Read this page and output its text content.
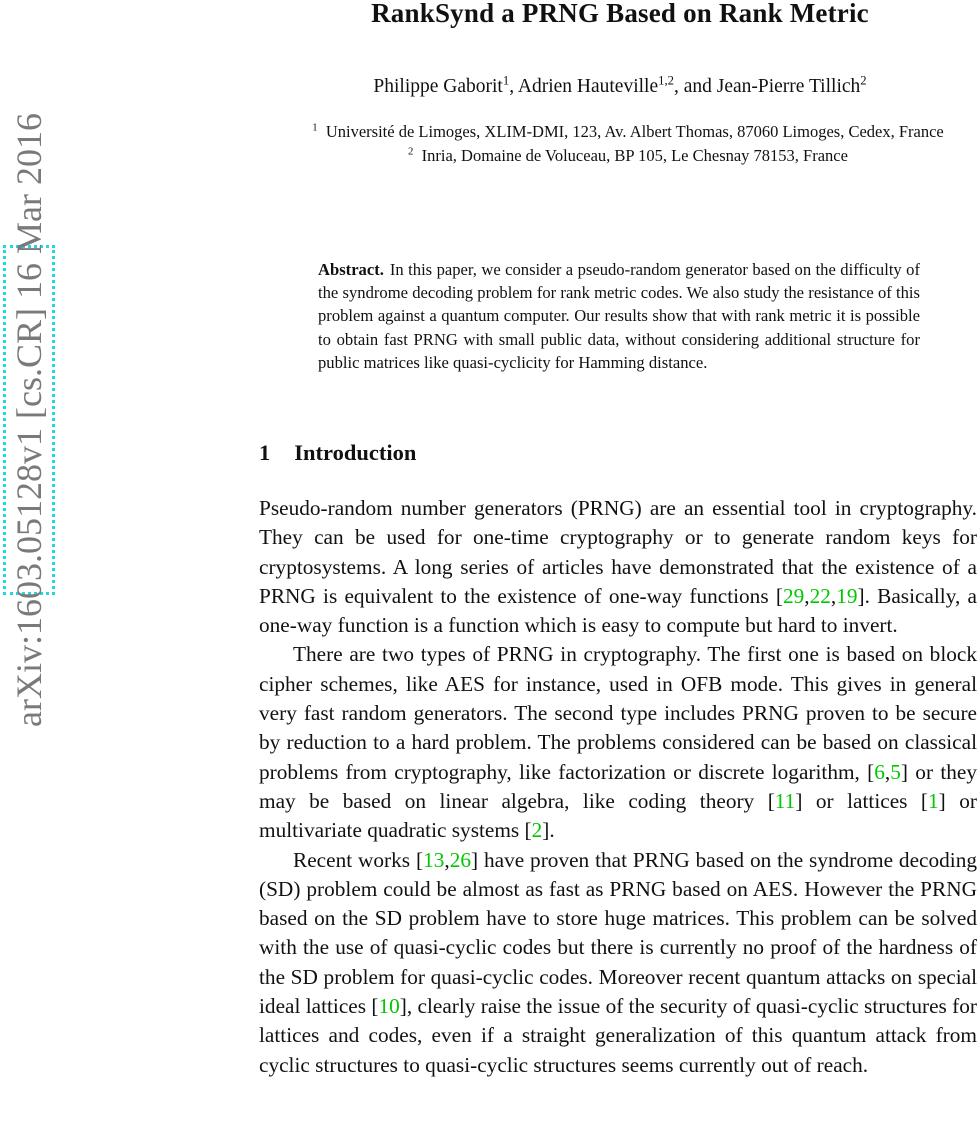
arXiv:1603.05128v1 [cs.CR] 16 Mar 2016
RankSynd a PRNG Based on Rank Metric
Philippe Gaborit$^1$, Adrien Hauteville$^{1,2}$, and Jean-Pierre Tillich$^2$
$^1$ Université de Limoges, XLIM-DMI, 123, Av. Albert Thomas, 87060 Limoges, Cedex, France
$^2$ Inria, Domaine de Voluceau, BP 105, Le Chesnay 78153, France
Abstract. In this paper, we consider a pseudo-random generator based on the difficulty of the syndrome decoding problem for rank metric codes. We also study the resistance of this problem against a quantum computer. Our results show that with rank metric it is possible to obtain fast PRNG with small public data, without considering additional structure for public matrices like quasi-cyclicity for Hamming distance.
1 Introduction

Pseudo-random number generators (PRNG) are an essential tool in cryptography. They can be used for one-time cryptography or to generate random keys for cryptosystems. A long series of articles have demonstrated that the existence of a PRNG is equivalent to the existence of one-way functions [29,22,19]. Basically, a one-way function is a function which is easy to compute but hard to invert.

There are two types of PRNG in cryptography. The first one is based on block cipher schemes, like AES for instance, used in OFB mode. This gives in general very fast random generators. The second type includes PRNG proven to be secure by reduction to a hard problem. The problems considered can be based on classical problems from cryptography, like factorization or discrete logarithm, [6,5] or they may be based on linear algebra, like coding theory [11] or lattices [1] or multivariate quadratic systems [2].

Recent works [13,26] have proven that PRNG based on the syndrome decoding (SD) problem could be almost as fast as PRNG based on AES. However the PRNG based on the SD problem have to store huge matrices. This problem can be solved with the use of quasi-cyclic codes but there is currently no proof of the hardness of the SD problem for quasi-cyclic codes. Moreover recent quantum attacks on special ideal lattices [10], clearly raise the issue of the security of quasi-cyclic structures for lattices and codes, even if a straight generalization of this quantum attack from cyclic structures to quasi-cyclic structures seems currently out of reach.
